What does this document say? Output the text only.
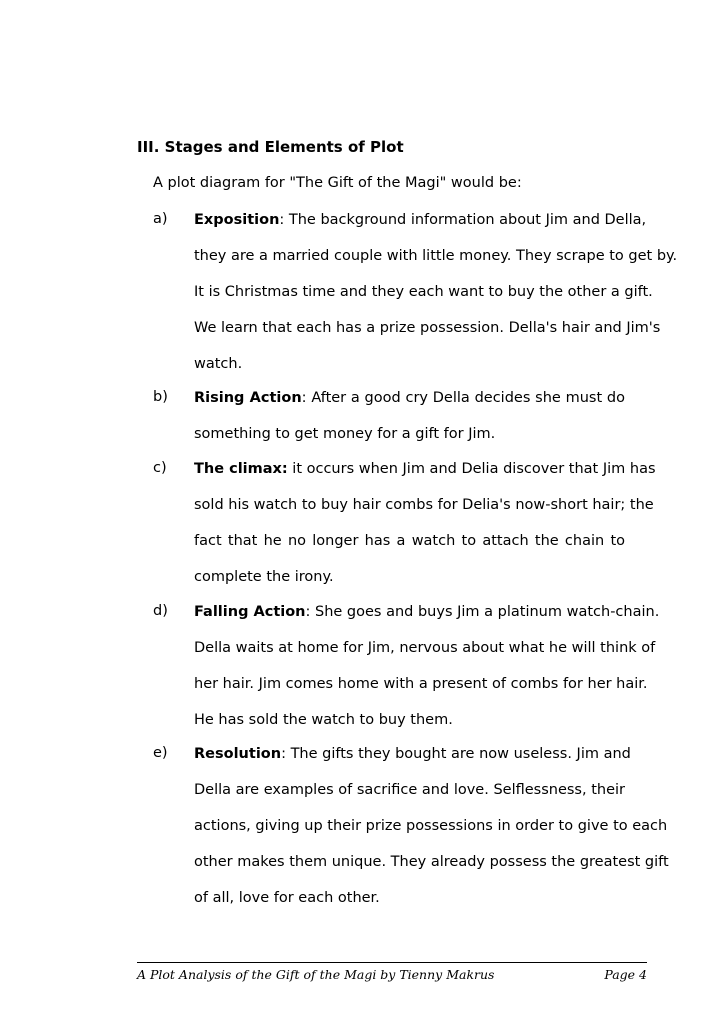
III. Stages and Elements of Plot
A plot diagram for "The Gift of the Magi" would be:
a) Exposition: The background information about Jim and Della,
they are a married couple with little money. They scrape to get by.
It is Christmas time and they each want to buy the other a gift.
We learn that each has a prize possession. Della's hair and Jim's
watch.
b) Rising Action: After a good cry Della decides she must do
something to get money for a gift for Jim.
c) The climax: it occurs when Jim and Delia discover that Jim has
sold his watch to buy hair combs for Delia's now-short hair; the
fact that he no longer has a watch to attach the chain to
complete the irony.
d) Falling Action: She goes and buys Jim a platinum watch-chain.
Della waits at home for Jim, nervous about what he will think of
her hair. Jim comes home with a present of combs for her hair.
He has sold the watch to buy them.
e) Resolution: The gifts they bought are now useless. Jim and
Della are examples of sacrifice and love. Selflessness, their
actions, giving up their prize possessions in order to give to each
other makes them unique. They already possess the greatest gift
of all, love for each other.
A Plot Analysis of the Gift of the Magi by Tienny Makrus	Page 4
